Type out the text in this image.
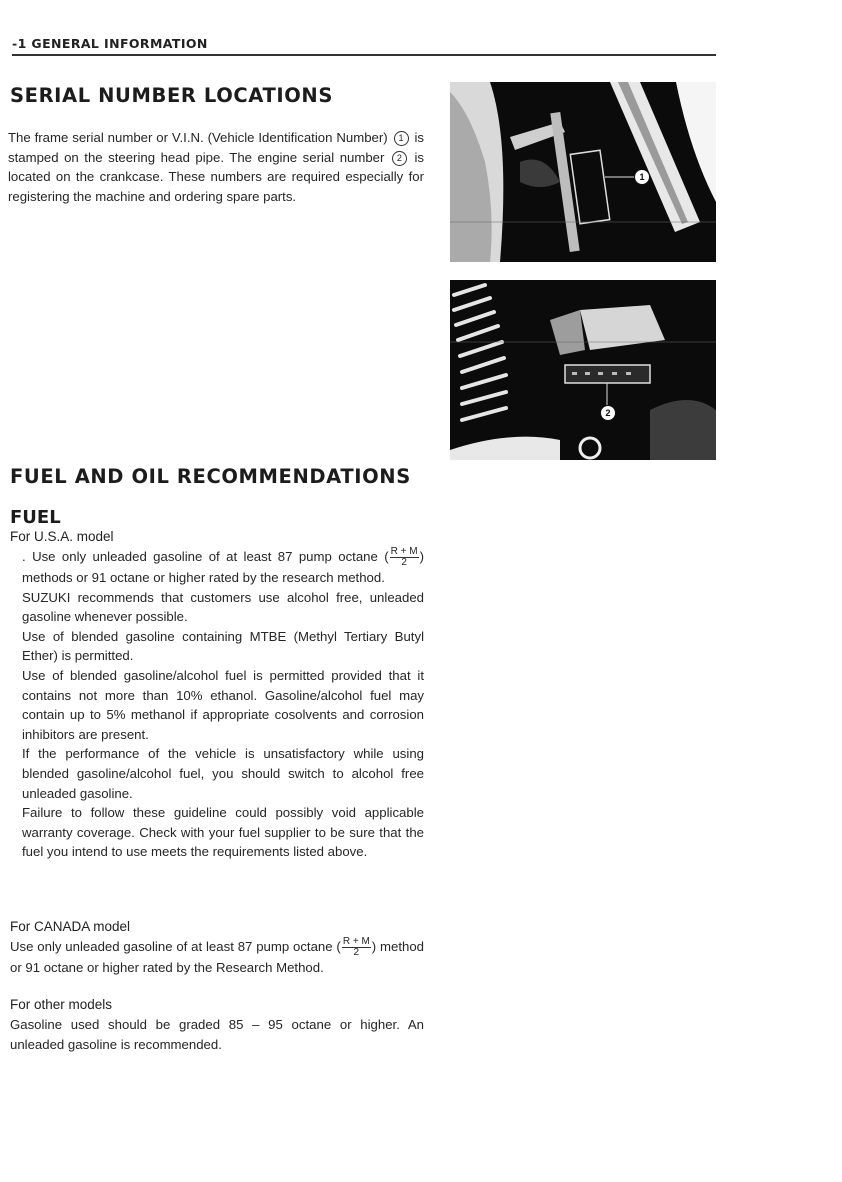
-1 GENERAL INFORMATION
SERIAL NUMBER LOCATIONS
The frame serial number or V.I.N. (Vehicle Identification Number) 1 is stamped on the steering head pipe. The engine serial number 2 is located on the crankcase. These numbers are required especially for registering the machine and ordering spare parts.
1
2
FUEL AND OIL RECOMMENDATIONS
FUEL
For U.S.A. model

. Use only unleaded gasoline of at least 87 pump octane ( $\frac{R + M}{2}$ ) methods or 91 octane or higher rated by the research method.

SUZUKI recommends that customers use alcohol free, unleaded gasoline whenever possible.

Use of blended gasoline containing MTBE (Methyl Tertiary Butyl Ether) is permitted.

Use of blended gasoline/alcohol fuel is permitted provided that it contains not more than 10% ethanol. Gasoline/alcohol fuel may contain up to 5% methanol if appropriate cosolvents and corrosion inhibitors are present.

If the performance of the vehicle is unsatisfactory while using blended gasoline/alcohol fuel, you should switch to alcohol free unleaded gasoline.

Failure to follow these guideline could possibly void applicable warranty coverage. Check with your fuel supplier to be sure that the fuel you intend to use meets the requirements listed above.

For CANADA model
Use only unleaded gasoline of at least 87 pump octane ( $\frac{R + M}{2}$ ) method or 91 octane or higher rated by the Research Method.
For other models
Gasoline used should be graded 85 – 95 octane or higher. An unleaded gasoline is recommended.
